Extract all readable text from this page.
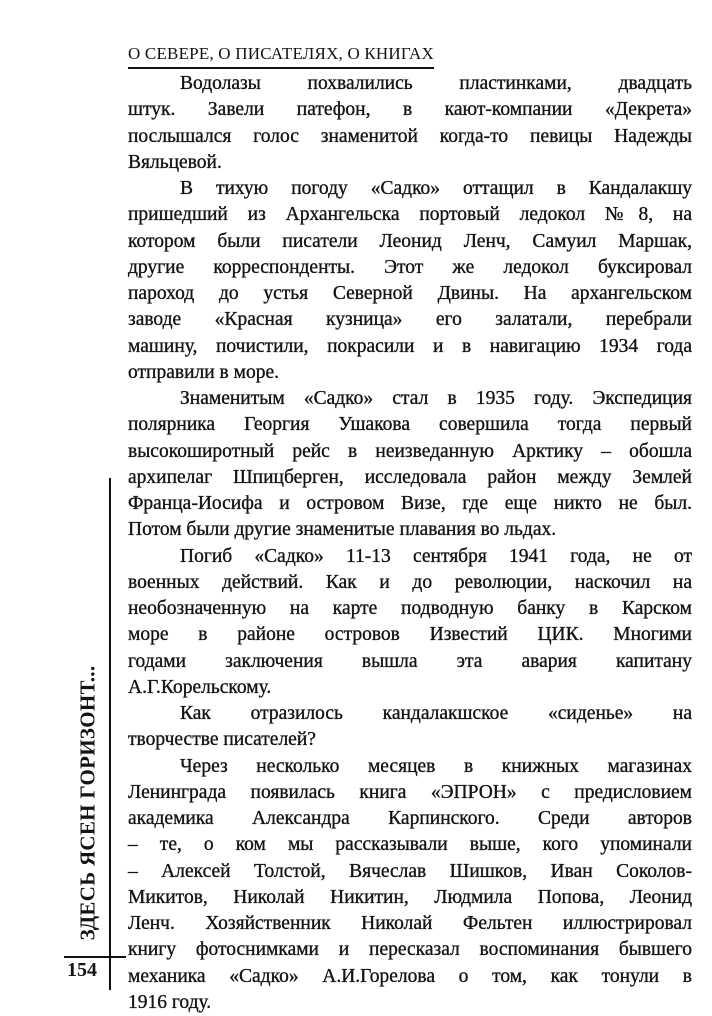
О СЕВЕРЕ, О ПИСАТЕЛЯХ, О КНИГАХ
Водолазы похвалились пластинками, двадцать
штук. Завели патефон, в кают-компании «Декрета»
послышался голос знаменитой когда-то певицы Надежды
Вяльцевой.
В тихую погоду «Садко» оттащил в Кандалакшу
пришедший из Архангельска портовый ледокол №8, на
котором были писатели Леонид Ленч, Самуил Маршак,
другие корреспонденты. Этот же ледокол буксировал
пароход до устья Северной Двины. На архангельском
заводе «Красная кузница» его залатали, перебрали
машину, почистили, покрасили и в навигацию 1934 года
отправили в море.
Знаменитым «Садко» стал в 1935 году. Экспедиция
полярника Георгия Ушакова совершила тогда первый
высокоширотный рейс в неизведанную Арктику – обошла
архипелаг Шпицберген, исследовала район между Землей
Франца-Иосифа и островом Визе, где еще никто не был.
Потом были другие знаменитые плавания во льдах.
Погиб «Садко» 11-13 сентября 1941 года, не от
военных действий. Как и до революции, наскочил на
необозначенную на карте подводную банку в Карском
море в районе островов Известий ЦИК. Многими
годами заключения вышла эта авария капитану
А.Г.Корельскому.
Как отразилось кандалакшское «сиденье» на
творчестве писателей?
Через несколько месяцев в книжных магазинах
Ленинграда появилась книга «ЭПРОН» с предисловием
академика Александра Карпинского. Среди авторов
– те, о ком мы рассказывали выше, кого упоминали
– Алексей Толстой, Вячеслав Шишков, Иван Соколов-
Микитов, Николай Никитин, Людмила Попова, Леонид
Ленч. Хозяйственник Николай Фельтен иллюстрировал
книгу фотоснимками и пересказал воспоминания бывшего
механика «Садко» А.И.Горелова о том, как тонули в
1916 году.
ЗДЕСЬ ЯСЕН ГОРИЗОНТ...
154
